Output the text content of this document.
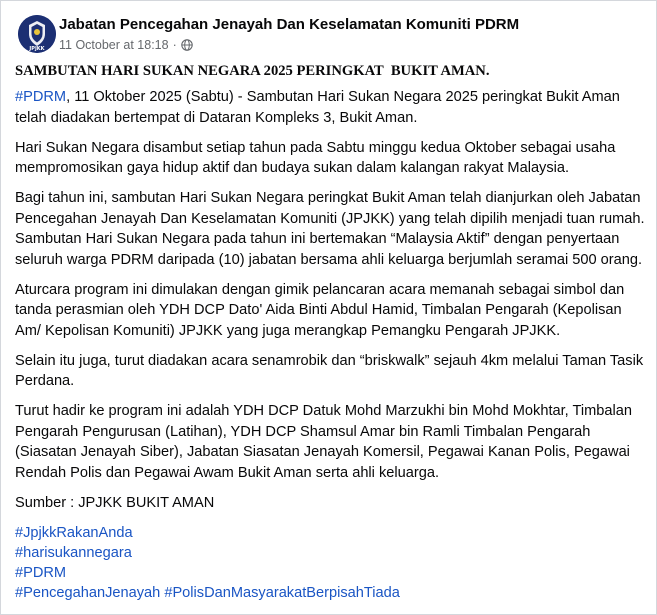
JPJKK
Jabatan Pencegahan Jenayah Dan Keselamatan Komuniti PDRM
11 October at 18:18 ·

SAMBUTAN HARI SUKAN NEGARA 2025 PERINGKAT  BUKIT AMAN.

#PDRM, 11 Oktober 2025 (Sabtu) - Sambutan Hari Sukan Negara 2025 peringkat Bukit Aman telah diadakan bertempat di Dataran Kompleks 3, Bukit Aman.

Hari Sukan Negara disambut setiap tahun pada Sabtu minggu kedua Oktober sebagai usaha mempromosikan gaya hidup aktif dan budaya sukan dalam kalangan rakyat Malaysia.

Bagi tahun ini, sambutan Hari Sukan Negara peringkat Bukit Aman telah dianjurkan oleh Jabatan Pencegahan Jenayah Dan Keselamatan Komuniti (JPJKK) yang telah dipilih menjadi tuan rumah. Sambutan Hari Sukan Negara pada tahun ini bertemakan “Malaysia Aktif” dengan penyertaan seluruh warga PDRM daripada (10) jabatan bersama ahli keluarga berjumlah seramai 500 orang.

Aturcara program ini dimulakan dengan gimik pelancaran acara memanah sebagai simbol dan tanda perasmian oleh YDH DCP Dato' Aida Binti Abdul Hamid, Timbalan Pengarah (Kepolisan Am/ Kepolisan Komuniti) JPJKK yang juga merangkap Pemangku Pengarah JPJKK.

Selain itu juga, turut diadakan acara senamrobik dan “briskwalk” sejauh 4km melalui Taman Tasik Perdana.

Turut hadir ke program ini adalah YDH DCP Datuk Mohd Marzukhi bin Mohd Mokhtar, Timbalan Pengarah Pengurusan (Latihan), YDH DCP Shamsul Amar bin Ramli Timbalan Pengarah (Siasatan Jenayah Siber), Jabatan Siasatan Jenayah Komersil, Pegawai Kanan Polis, Pegawai Rendah Polis dan Pegawai Awam Bukit Aman serta ahli keluarga.

Sumber : JPJKK BUKIT AMAN

#JpjkkRakanAnda

#harisukannegara

#PDRM

#PencegahanJenayah #PolisDanMasyarakatBerpisahTiada
